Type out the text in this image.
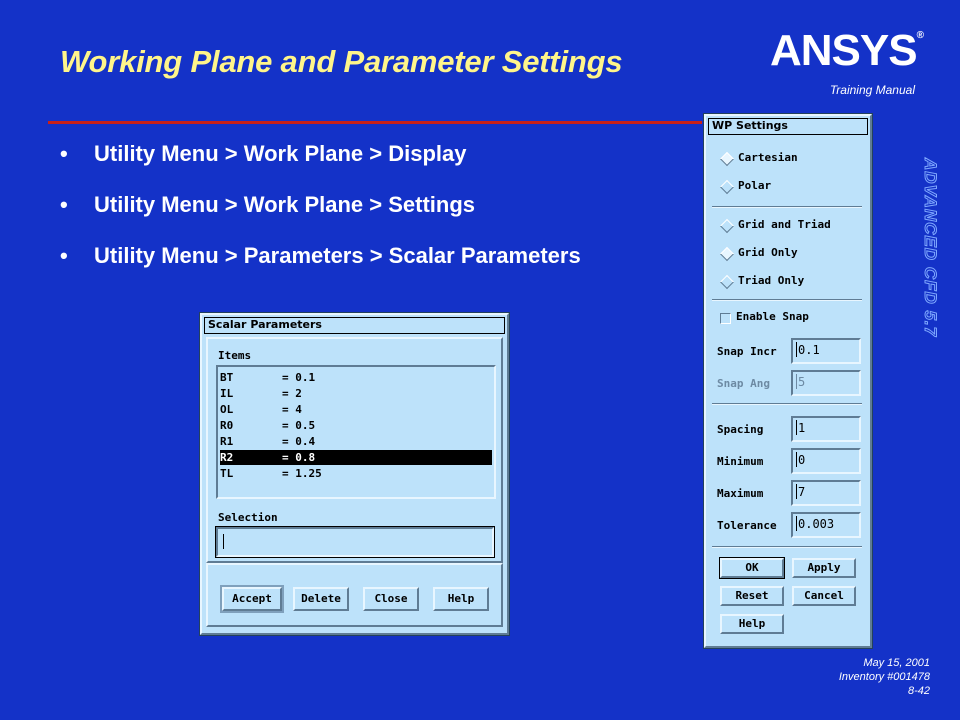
Working Plane and Parameter Settings	ANSYS®
Training Manual
ADVANCED CFD 5.7
• Utility Menu > Work Plane > Display
• Utility Menu > Work Plane > Settings
• Utility Menu > Parameters > Scalar Parameters
Scalar Parameters
Items
BT	= 0.1
IL	= 2
OL	= 4
R0	= 0.5
R1	= 0.4
R2	= 0.8
TL	= 1.25
Selection
Accept	Delete	Close	Help
WP Settings
Cartesian
Polar
Grid and Triad
Grid Only
Triad Only
Enable Snap
Snap Incr 0.1
Snap Ang 5
Spacing	1
Minimum	0
Maximum	7
Tolerance 0.003
OK	Apply
Reset	Cancel
Help
May 15, 2001
Inventory #001478
8-42
